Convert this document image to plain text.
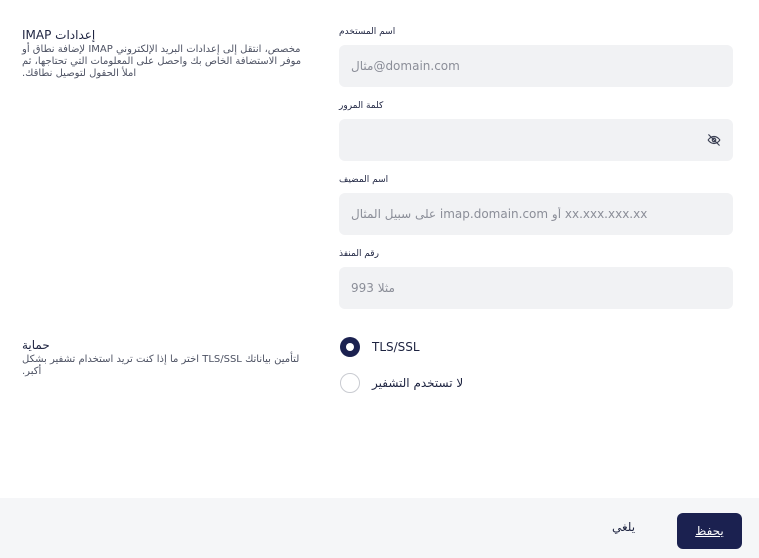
إعدادات IMAP
مخصص، انتقل إلى إعدادات البريد الإلكتروني IMAP لإضافة نطاق أو موفر الاستضافة الخاص بك واحصل على المعلومات التي تحتاجها، ثم املأ الحقول لتوصيل نطاقك.
اسم المستخدم
مثال@domain.com
كلمة المرور
اسم المضيف
على سبيل المثال imap.domain.com أو xx.xxx.xxx.xx
رقم المنفذ
مثلا 993
حماية
لتأمين بياناتك TLS/SSL اختر ما إذا كنت تريد استخدام تشفير بشكل أكبر.
TLS/SSL
لا تستخدم التشفير
يلغي	يحفظ
